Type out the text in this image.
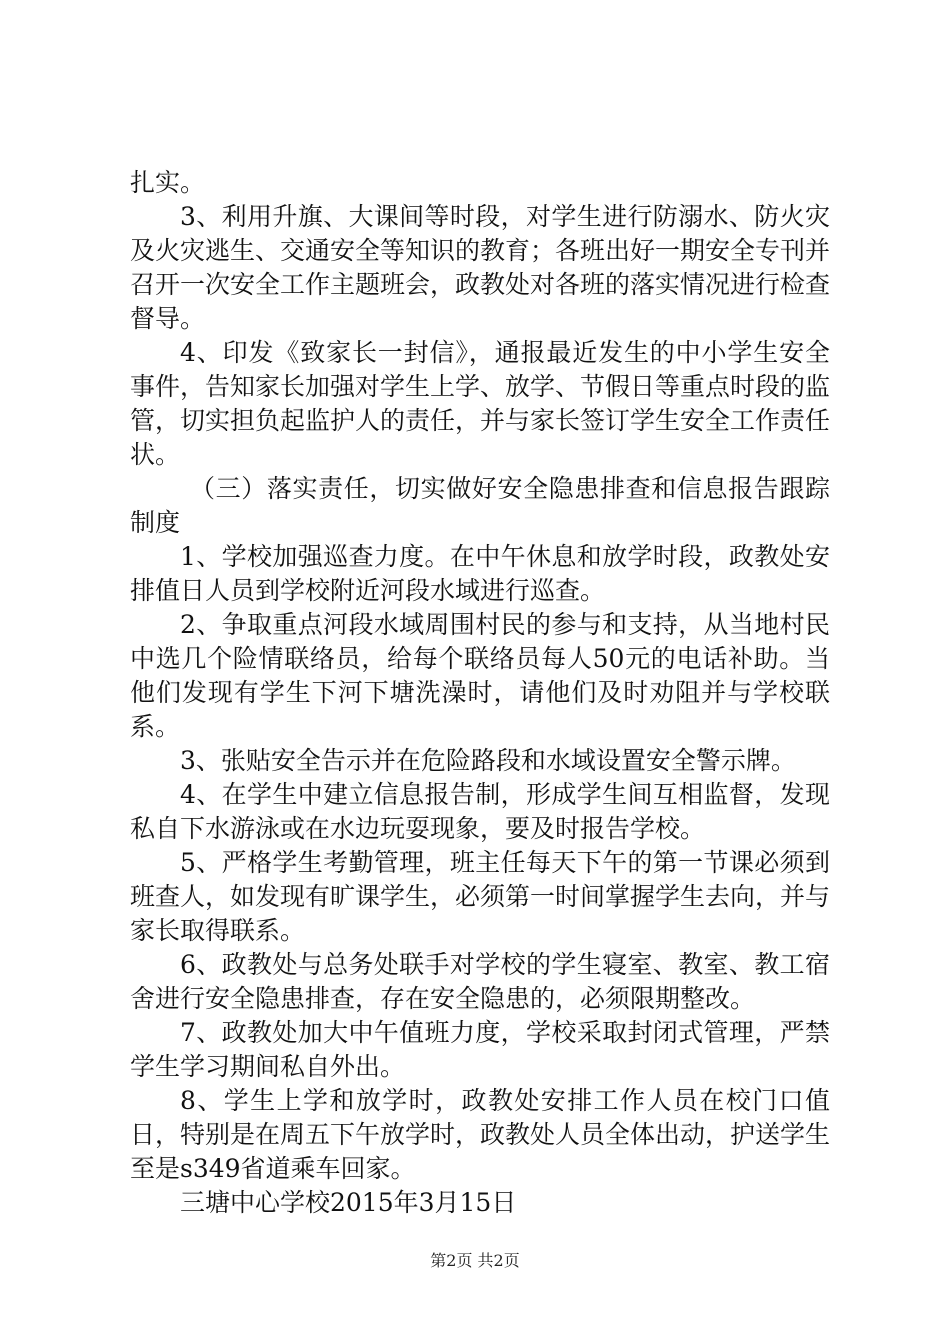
扎实。

3、利用升旗、大课间等时段，对学生进行防溺水、防火灾及火灾逃生、交通安全等知识的教育；各班出好一期安全专刊并召开一次安全工作主题班会，政教处对各班的落实情况进行检查督导。

4、印发《致家长一封信》，通报最近发生的中小学生安全事件，告知家长加强对学生上学、放学、节假日等重点时段的监管，切实担负起监护人的责任，并与家长签订学生安全工作责任状。

（三）落实责任，切实做好安全隐患排查和信息报告跟踪制度

1、学校加强巡查力度。在中午休息和放学时段，政教处安排值日人员到学校附近河段水域进行巡查。

2、争取重点河段水域周围村民的参与和支持，从当地村民中选几个险情联络员，给每个联络员每人50元的电话补助。当他们发现有学生下河下塘洗澡时，请他们及时劝阻并与学校联系。

3、张贴安全告示并在危险路段和水域设置安全警示牌。

4、在学生中建立信息报告制，形成学生间互相监督，发现私自下水游泳或在水边玩耍现象，要及时报告学校。

5、严格学生考勤管理，班主任每天下午的第一节课必须到班查人，如发现有旷课学生，必须第一时间掌握学生去向，并与家长取得联系。

6、政教处与总务处联手对学校的学生寝室、教室、教工宿舍进行安全隐患排查，存在安全隐患的，必须限期整改。

7、政教处加大中午值班力度，学校采取封闭式管理，严禁学生学习期间私自外出。

8、学生上学和放学时，政教处安排工作人员在校门口值日，特别是在周五下午放学时，政教处人员全体出动，护送学生至是s349省道乘车回家。

三塘中心学校2015年3月15日

第2页 共2页
